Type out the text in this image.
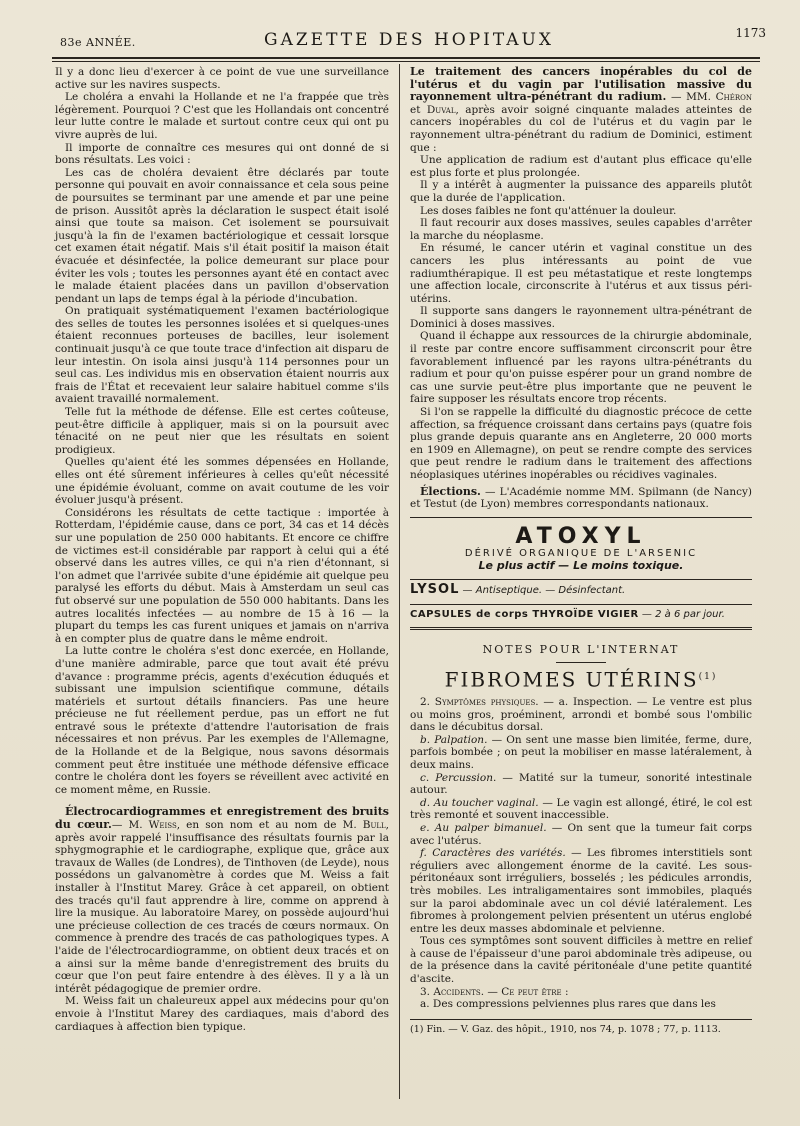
83e ANNÉE.	GAZETTE DES HOPITAUX	1173

Il y a donc lieu d'exercer à ce point de vue une surveillance active sur les navires suspects.

Le choléra a envahi la Hollande et ne l'a frappée que très légèrement. Pourquoi ? C'est que les Hollandais ont concentré leur lutte contre le malade et surtout contre ceux qui ont pu vivre auprès de lui.

Il importe de connaître ces mesures qui ont donné de si bons résultats. Les voici :

Les cas de choléra devaient être déclarés par toute personne qui pouvait en avoir connaissance et cela sous peine de poursuites se terminant par une amende et par une peine de prison. Aussitôt après la déclaration le suspect était isolé ainsi que toute sa maison. Cet isolement se poursuivait jusqu'à la fin de l'examen bactériologique et cessait lorsque cet examen était négatif. Mais s'il était positif la maison était évacuée et désinfectée, la police demeurant sur place pour éviter les vols ; toutes les personnes ayant été en contact avec le malade étaient placées dans un pavillon d'observation pendant un laps de temps égal à la période d'incubation.

On pratiquait systématiquement l'examen bactériologique des selles de toutes les personnes isolées et si quelques-unes étaient reconnues porteuses de bacilles, leur isolement continuait jusqu'à ce que toute trace d'infection ait disparu de leur intestin. On isola ainsi jusqu'à 114 personnes pour un seul cas. Les individus mis en observation étaient nourris aux frais de l'État et recevaient leur salaire habituel comme s'ils avaient travaillé normalement.

Telle fut la méthode de défense. Elle est certes coûteuse, peut-être difficile à appliquer, mais si on la poursuit avec ténacité on ne peut nier que les résultats en soient prodigieux.

Quelles qu'aient été les sommes dépensées en Hollande, elles ont été sûrement inférieures à celles qu'eût nécessité une épidémie évoluant, comme on avait coutume de les voir évoluer jusqu'à présent.

Considérons les résultats de cette tactique : importée à Rotterdam, l'épidémie cause, dans ce port, 34 cas et 14 décès sur une population de 250 000 habitants. Et encore ce chiffre de victimes est-il considérable par rapport à celui qui a été observé dans les autres villes, ce qui n'a rien d'étonnant, si l'on admet que l'arrivée subite d'une épidémie ait quelque peu paralysé les efforts du début. Mais à Amsterdam un seul cas fut observé sur une population de 550 000 habitants. Dans les autres localités infectées — au nombre de 15 à 16 — la plupart du temps les cas furent uniques et jamais on n'arriva à en compter plus de quatre dans le même endroit.

La lutte contre le choléra s'est donc exercée, en Hollande, d'une manière admirable, parce que tout avait été prévu d'avance : programme précis, agents d'exécution éduqués et subissant une impulsion scientifique commune, détails matériels et surtout détails financiers. Pas une heure précieuse ne fut réellement perdue, pas un effort ne fut entravé sous le prétexte d'attendre l'autorisation de frais nécessaires et non prévus. Par les exemples de l'Allemagne, de la Hollande et de la Belgique, nous savons désormais comment peut être instituée une méthode défensive efficace contre le choléra dont les foyers se réveillent avec activité en ce moment même, en Russie.

Électrocardiogrammes et enregistrement des bruits du cœur.— M. Weiss, en son nom et au nom de M. Bull, après avoir rappelé l'insuffisance des résultats fournis par la sphygmographie et le cardiographe, explique que, grâce aux travaux de Walles (de Londres), de Tinthoven (de Leyde), nous possédons un galvanomètre à cordes que M. Weiss a fait installer à l'Institut Marey. Grâce à cet appareil, on obtient des tracés qu'il faut apprendre à lire, comme on apprend à lire la musique. Au laboratoire Marey, on possède aujourd'hui une précieuse collection de ces tracés de cœurs normaux. On commence à prendre des tracés de cas pathologiques types. A l'aide de l'électrocardiogramme, on obtient deux tracés et on a ainsi sur la même bande d'enregistrement des bruits du cœur que l'on peut faire entendre à des élèves. Il y a là un intérêt pédagogique de premier ordre.

M. Weiss fait un chaleureux appel aux médecins pour qu'on envoie à l'Institut Marey des cardiaques, mais d'abord des cardiaques à affection bien typique.

Le traitement des cancers inopérables du col de l'utérus et du vagin par l'utilisation massive du rayonnement ultra-pénétrant du radium. — MM. Chéron et Duval, après avoir soigné cinquante malades atteintes de cancers inopérables du col de l'utérus et du vagin par le rayonnement ultra-pénétrant du radium de Dominici, estiment que :

Une application de radium est d'autant plus efficace qu'elle est plus forte et plus prolongée.

Il y a intérêt à augmenter la puissance des appareils plutôt que la durée de l'application.

Les doses faibles ne font qu'atténuer la douleur.

Il faut recourir aux doses massives, seules capables d'arrêter la marche du néoplasme.

En résumé, le cancer utérin et vaginal constitue un des cancers les plus intéressants au point de vue radiumthérapique. Il est peu métastatique et reste longtemps une affection locale, circonscrite à l'utérus et aux tissus péri-utérins.

Il supporte sans dangers le rayonnement ultra-pénétrant de Dominici à doses massives.

Quand il échappe aux ressources de la chirurgie abdominale, il reste par contre encore suffisamment circonscrit pour être favorablement influencé par les rayons ultra-pénétrants du radium et pour qu'on puisse espérer pour un grand nombre de cas une survie peut-être plus importante que ne peuvent le faire supposer les résultats encore trop récents.

Si l'on se rappelle la difficulté du diagnostic précoce de cette affection, sa fréquence croissant dans certains pays (quatre fois plus grande depuis quarante ans en Angleterre, 20 000 morts en 1909 en Allemagne), on peut se rendre compte des services que peut rendre le radium dans le traitement des affections néoplasiques utérines inopérables ou récidives vaginales.

Élections. — L'Académie nomme MM. Spilmann (de Nancy) et Testut (de Lyon) membres correspondants nationaux.

ATOXYL
DÉRIVÉ ORGANIQUE DE L'ARSENIC
Le plus actif — Le moins toxique.
LYSOL — Antiseptique. — Désinfectant.
CAPSULES de corps THYROÏDE VIGIER — 2 à 6 par jour.
NOTES POUR L'INTERNAT
FIBROMES UTÉRINS$^{(1)}$

2. Symptômes physiques. — a. Inspection. — Le ventre est plus ou moins gros, proéminent, arrondi et bombé sous l'ombilic dans le décubitus dorsal.

b. Palpation. — On sent une masse bien limitée, ferme, dure, parfois bombée ; on peut la mobiliser en masse latéralement, à deux mains.

c. Percussion. — Matité sur la tumeur, sonorité intestinale autour.

d. Au toucher vaginal. — Le vagin est allongé, étiré, le col est très remonté et souvent inaccessible.

e. Au palper bimanuel. — On sent que la tumeur fait corps avec l'utérus.

f. Caractères des variétés. — Les fibromes interstitiels sont réguliers avec allongement énorme de la cavité. Les sous-péritonéaux sont irréguliers, bosselés ; les pédicules arrondis, très mobiles. Les intraligamentaires sont immobiles, plaqués sur la paroi abdominale avec un col dévié latéralement. Les fibromes à prolongement pelvien présentent un utérus englobé entre les deux masses abdominale et pelvienne.

Tous ces symptômes sont souvent difficiles à mettre en relief à cause de l'épaisseur d'une paroi abdominale très adipeuse, ou de la présence dans la cavité péritonéale d'une petite quantité d'ascite.

3. Accidents. — Ce peut être :

a. Des compressions pelviennes plus rares que dans les

(1) Fin. — V. Gaz. des hôpit., 1910, nos 74, p. 1078 ; 77, p. 1113.
